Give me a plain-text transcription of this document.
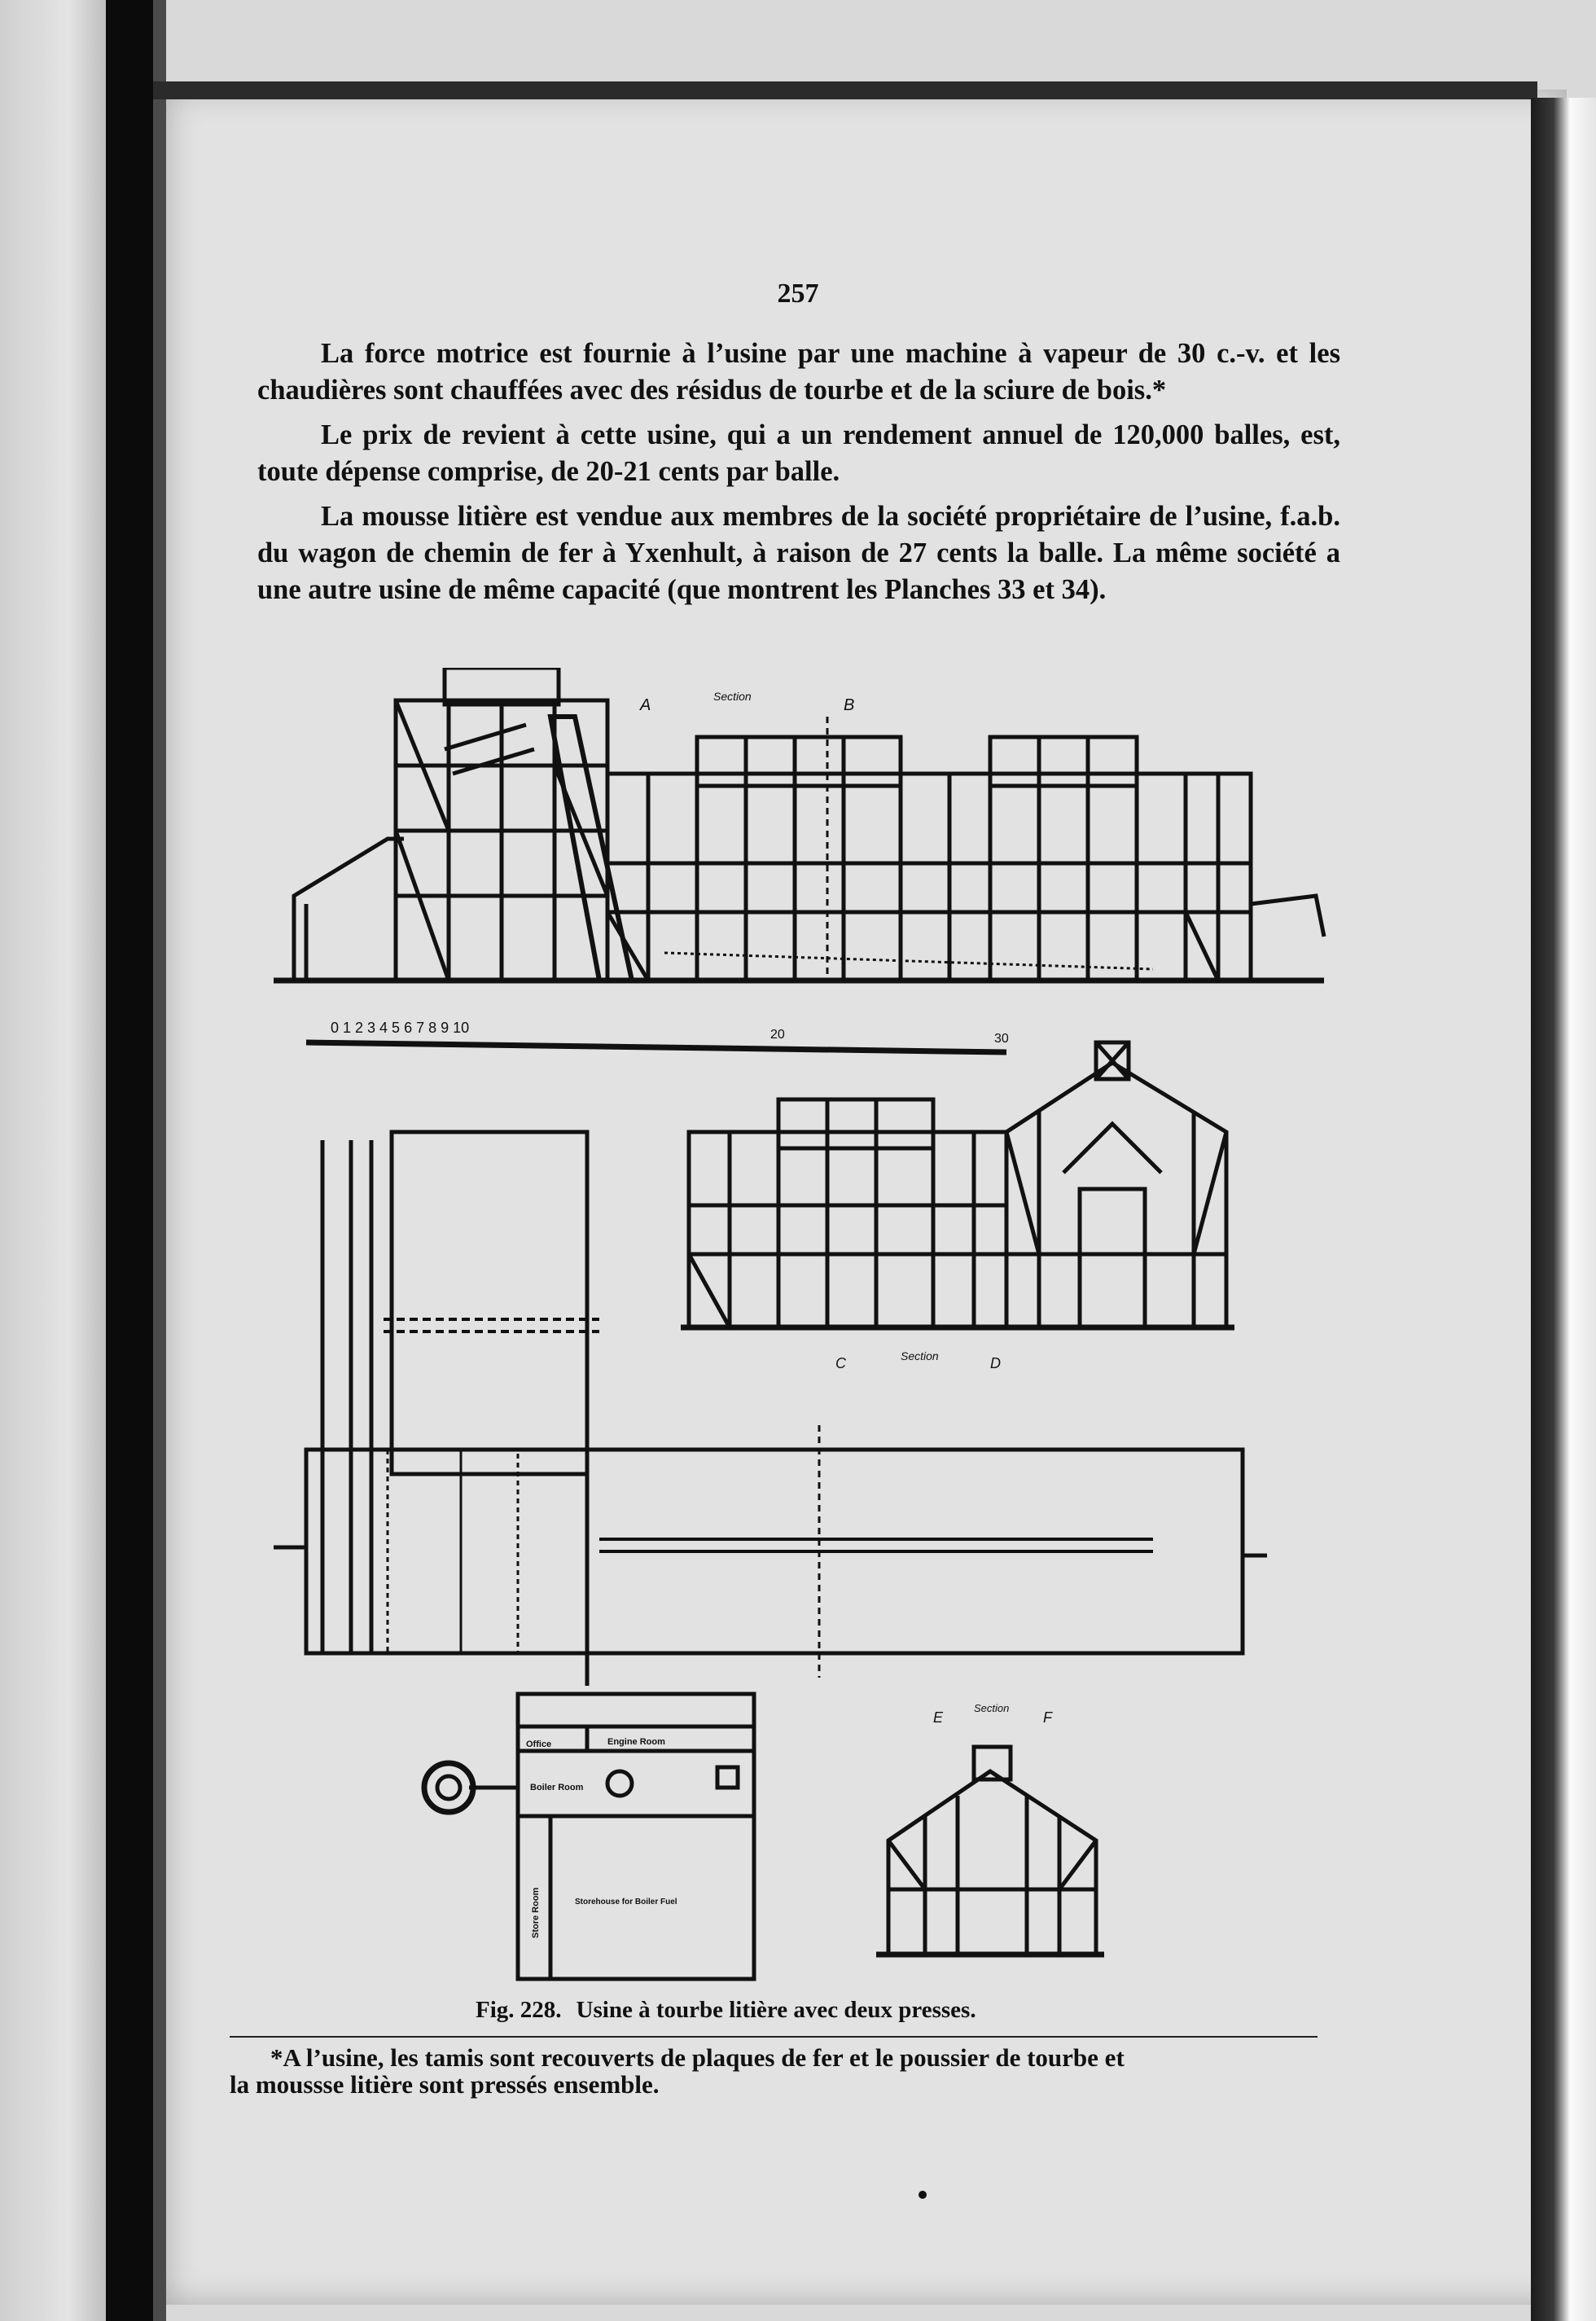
257

La force motrice est fournie à l’usine par une machine à vapeur de 30 c.-v. et les chaudières sont chauffées avec des résidus de tourbe et de la sciure de bois.*

Le prix de revient à cette usine, qui a un rendement annuel de 120,000 balles, est, toute dépense comprise, de 20-21 cents par balle.

La mousse litière est vendue aux membres de la société propriétaire de l’usine, f.a.b. du wagon de chemin de fer à Yxenhult, à raison de 27 cents la balle. La même société a une autre usine de même capacité (que montrent les Planches 33 et 34).

A	Section	B
0 1 2 3 4 5 6 7 8 9 10	20	30
C	Section	D
Office	Engine Room
Boiler Room
Store Room	Storehouse for Boiler Fuel
E
Section
F
Fig. 228. Usine à tourbe litière avec deux presses.
*A l’usine, les tamis sont recouverts de plaques de fer et le poussier de tourbe et
la moussse litière sont pressés ensemble.
